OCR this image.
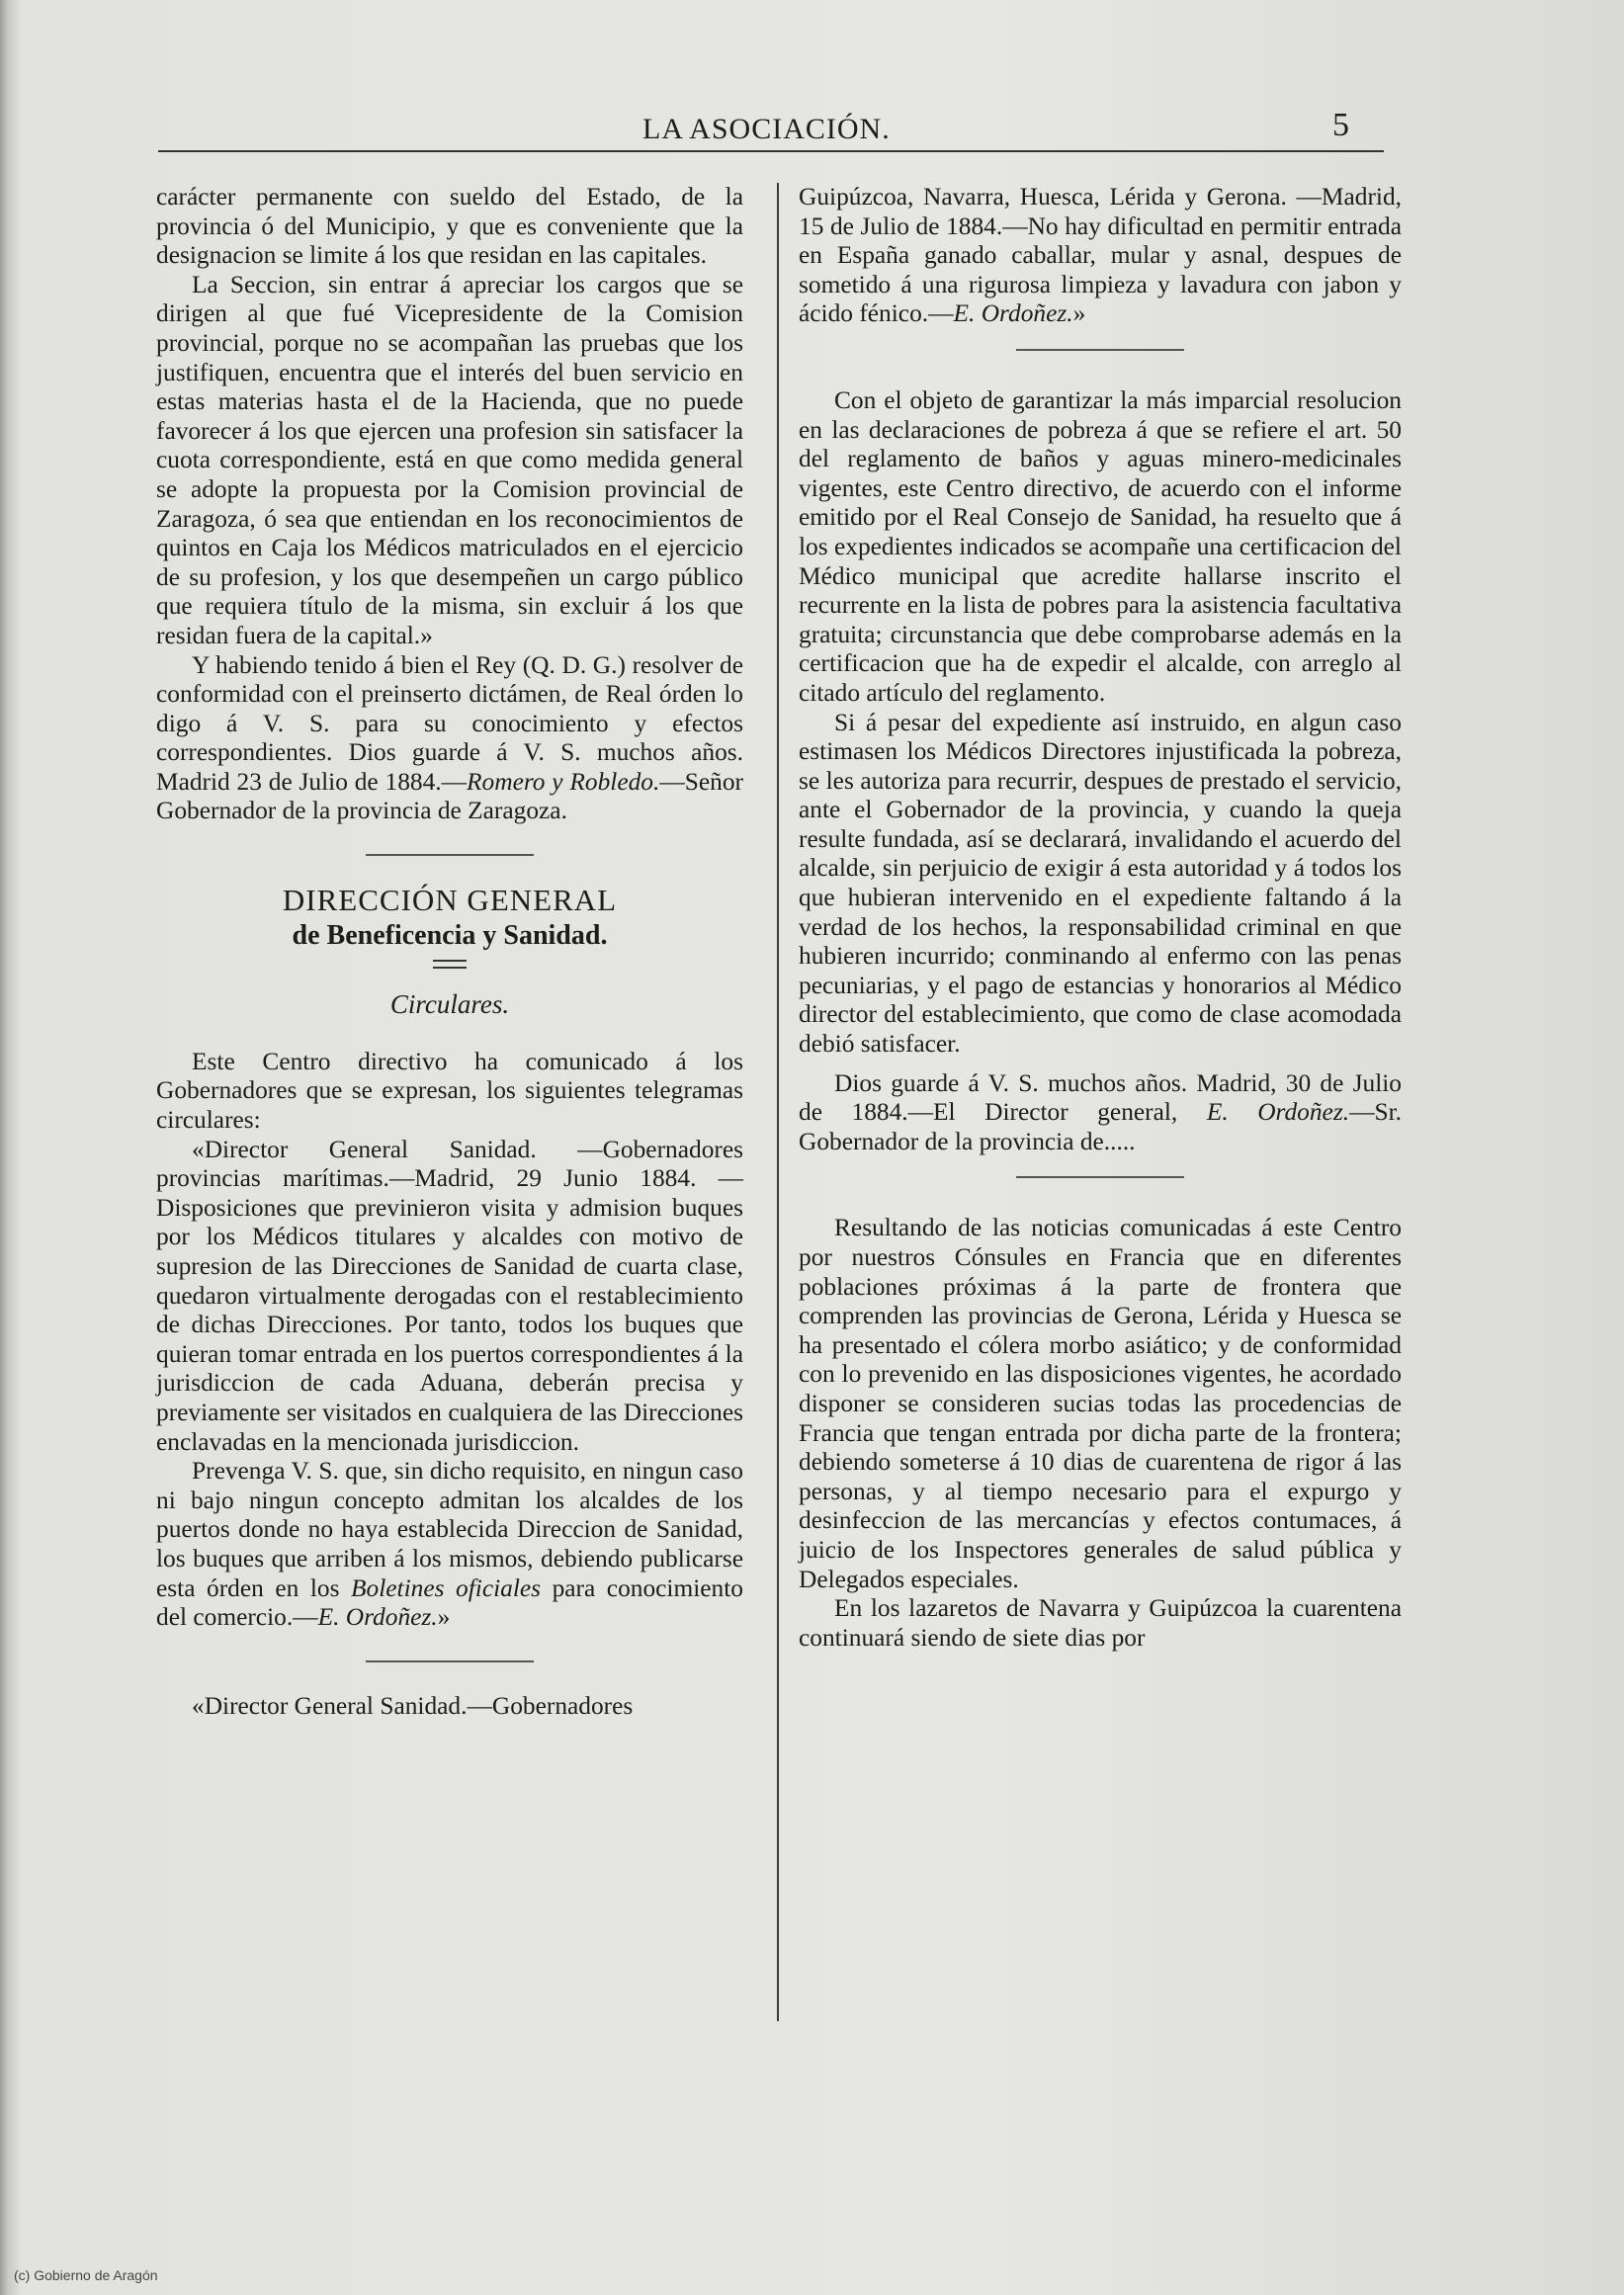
LA ASOCIACIÓN.	5

carácter permanente con sueldo del Estado, de la provincia ó del Municipio, y que es conveniente que la designacion se limite á los que residan en las capitales.

La Seccion, sin entrar á apreciar los cargos que se dirigen al que fué Vicepresidente de la Comision provincial, porque no se acompañan las pruebas que los justifiquen, encuentra que el interés del buen servicio en estas materias hasta el de la Hacienda, que no puede favorecer á los que ejercen una profesion sin satisfacer la cuota correspondiente, está en que como medida general se adopte la propuesta por la Comision provincial de Zaragoza, ó sea que entiendan en los reconocimientos de quintos en Caja los Médicos matriculados en el ejercicio de su profesion, y los que desempeñen un cargo público que requiera título de la misma, sin excluir á los que residan fuera de la capital.»

Y habiendo tenido á bien el Rey (Q. D. G.) resolver de conformidad con el preinserto dictámen, de Real órden lo digo á V. S. para su conocimiento y efectos correspondientes. Dios guarde á V. S. muchos años. Madrid 23 de Julio de 1884.—Romero y Robledo.—Señor Gobernador de la provincia de Zaragoza.

DIRECCIÓN GENERAL
de Beneficencia y Sanidad.
Circulares.

Este Centro directivo ha comunicado á los Gobernadores que se expresan, los siguientes telegramas circulares:

«Director General Sanidad. —Gobernadores provincias marítimas.—Madrid, 29 Junio 1884. —Disposiciones que previnieron visita y admision buques por los Médicos titulares y alcaldes con motivo de supresion de las Direcciones de Sanidad de cuarta clase, quedaron virtualmente derogadas con el restablecimiento de dichas Direcciones. Por tanto, todos los buques que quieran tomar entrada en los puertos correspondientes á la jurisdiccion de cada Aduana, deberán precisa y previamente ser visitados en cualquiera de las Direcciones enclavadas en la mencionada jurisdiccion.

Prevenga V. S. que, sin dicho requisito, en ningun caso ni bajo ningun concepto admitan los alcaldes de los puertos donde no haya establecida Direccion de Sanidad, los buques que arriben á los mismos, debiendo publicarse esta órden en los Boletines oficiales para conocimiento del comercio.—E. Ordoñez.»

«Director General Sanidad.—Gobernadores

Guipúzcoa, Navarra, Huesca, Lérida y Gerona. —Madrid, 15 de Julio de 1884.—No hay dificultad en permitir entrada en España ganado caballar, mular y asnal, despues de sometido á una rigurosa limpieza y lavadura con jabon y ácido fénico.—E. Ordoñez.»

Con el objeto de garantizar la más imparcial resolucion en las declaraciones de pobreza á que se refiere el art. 50 del reglamento de baños y aguas minero-medicinales vigentes, este Centro directivo, de acuerdo con el informe emitido por el Real Consejo de Sanidad, ha resuelto que á los expedientes indicados se acompañe una certificacion del Médico municipal que acredite hallarse inscrito el recurrente en la lista de pobres para la asistencia facultativa gratuita; circunstancia que debe comprobarse además en la certificacion que ha de expedir el alcalde, con arreglo al citado artículo del reglamento.

Si á pesar del expediente así instruido, en algun caso estimasen los Médicos Directores injustificada la pobreza, se les autoriza para recurrir, despues de prestado el servicio, ante el Gobernador de la provincia, y cuando la queja resulte fundada, así se declarará, invalidando el acuerdo del alcalde, sin perjuicio de exigir á esta autoridad y á todos los que hubieran intervenido en el expediente faltando á la verdad de los hechos, la responsabilidad criminal en que hubieren incurrido; conminando al enfermo con las penas pecuniarias, y el pago de estancias y honorarios al Médico director del establecimiento, que como de clase acomodada debió satisfacer.

Dios guarde á V. S. muchos años. Madrid, 30 de Julio de 1884.—El Director general, E. Ordoñez.—Sr. Gobernador de la provincia de.....

Resultando de las noticias comunicadas á este Centro por nuestros Cónsules en Francia que en diferentes poblaciones próximas á la parte de frontera que comprenden las provincias de Gerona, Lérida y Huesca se ha presentado el cólera morbo asiático; y de conformidad con lo prevenido en las disposiciones vigentes, he acordado disponer se consideren sucias todas las procedencias de Francia que tengan entrada por dicha parte de la frontera; debiendo someterse á 10 dias de cuarentena de rigor á las personas, y al tiempo necesario para el expurgo y desinfeccion de las mercancías y efectos contumaces, á juicio de los Inspectores generales de salud pública y Delegados especiales.

En los lazaretos de Navarra y Guipúzcoa la cuarentena continuará siendo de siete dias por

(c) Gobierno de Aragón
